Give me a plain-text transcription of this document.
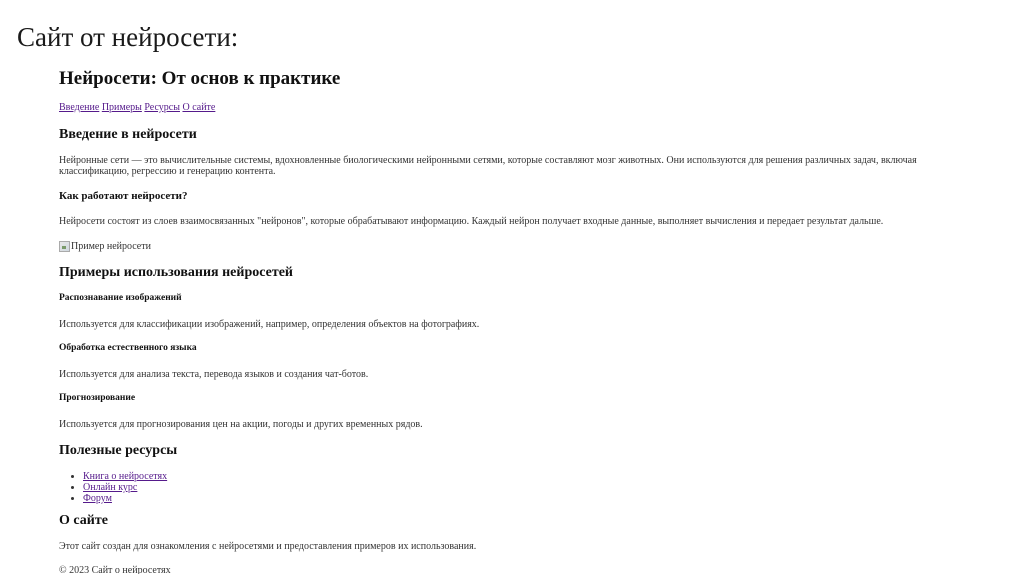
Сайт от нейросети:
Нейросети: От основ к практике
Введение Примеры Ресурсы О сайте
Введение в нейросети

Нейронные сети — это вычислительные системы, вдохновленные биологическими нейронными сетями, которые составляют мозг животных. Они используются для решения различных задач, включая классификацию, регрессию и генерацию контента.

Как работают нейросети?

Нейросети состоят из слоев взаимосвязанных "нейронов", которые обрабатывают информацию. Каждый нейрон получает входные данные, выполняет вычисления и передает результат дальше.

Пример нейросети
Примеры использования нейросетей
Распознавание изображений

Используется для классификации изображений, например, определения объектов на фотографиях.

Обработка естественного языка

Используется для анализа текста, перевода языков и создания чат-ботов.

Прогнозирование

Используется для прогнозирования цен на акции, погоды и других временных рядов.

Полезные ресурсы
• Книга о нейросетях
• Онлайн курс
• Форум
О сайте

Этот сайт создан для ознакомления с нейросетями и предоставления примеров их использования.

© 2023 Сайт о нейросетях
